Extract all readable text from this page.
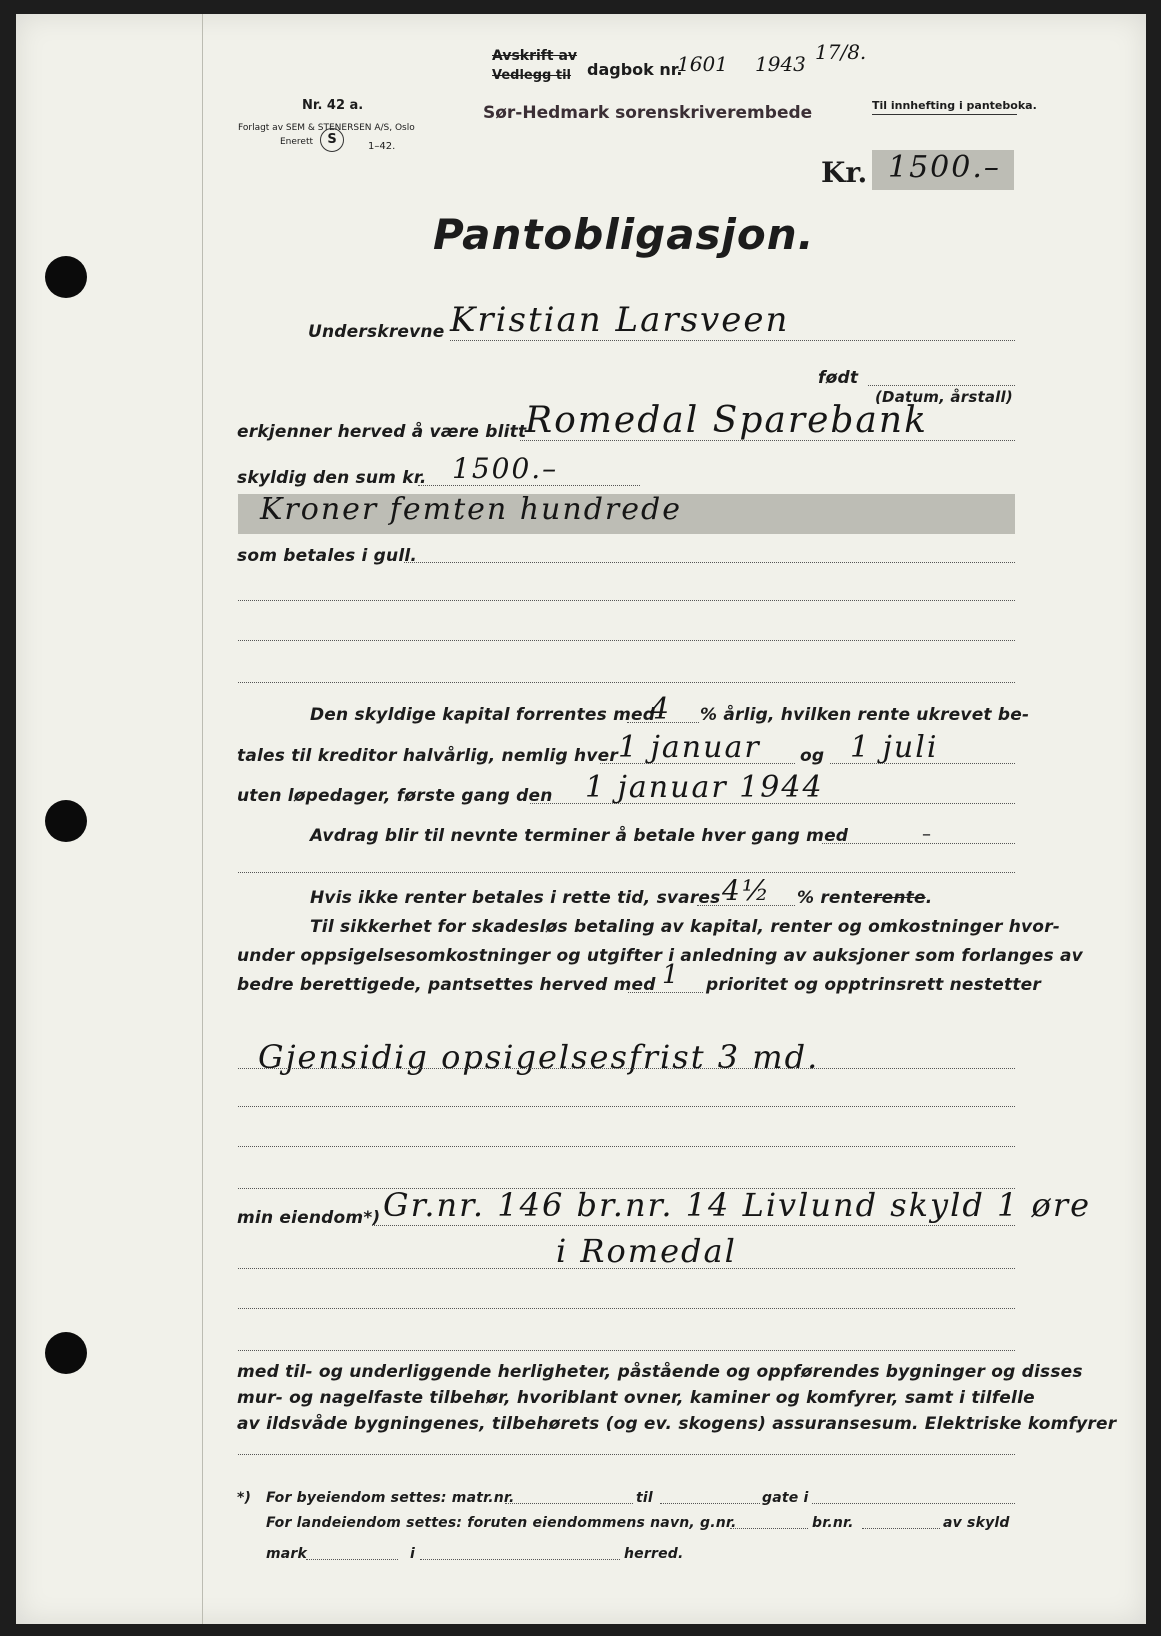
Avskrift av
Vedlegg til dagbok nr.
1601 1943 17/8.
Sør-Hedmark sorenskriverembede
Nr. 42 a.
Forlagt av SEM & STENERSEN A/S, Oslo
Enerett	S	1–42.
Til innhefting i panteboka.
Kr. 1500.–
Pantobligasjon.
Underskrevne Kristian Larsveen
født
(Datum, årstall)
erkjenner herved å være blitt
Romedal Sparebank
skyldig den sum kr. 1500.–
Kroner femten hundrede
som betales i gull.
Den skyldige kapital forrentes med
4 % årlig, hvilken rente ukrevet be-
tales til kreditor halvårlig, nemlig hver 1 januar og 1 juli
uten løpedager, første gang den 1 januar 1944
Avdrag blir til nevnte terminer å betale hver gang med	–
Hvis ikke renter betales i rette tid, svares 4½ % renterente.
Til sikkerhet for skadesløs betaling av kapital, renter og omkostninger hvor-
under oppsigelsesomkostninger og utgifter i anledning av auksjoner som forlanges av
bedre berettigede, pantsettes herved med 1 prioritet og opptrinsrett nestetter
Gjensidig opsigelsesfrist 3 md.
min eiendom*) Gr.nr. 146 br.nr. 14 Livlund skyld 1 øre
i Romedal
med til- og underliggende herligheter, påstående og oppførendes bygninger og disses
mur- og nagelfaste tilbehør, hvoriblant ovner, kaminer og komfyrer, samt i tilfelle
av ildsvåde bygningenes, tilbehørets (og ev. skogens) assuransesum. Elektriske komfyrer
*) For byeiendom settes: matr.nr.	til	gate i
For landeiendom settes: foruten eiendommens navn, g.nr.	br.nr.	av skyld
mark	i	herred.
